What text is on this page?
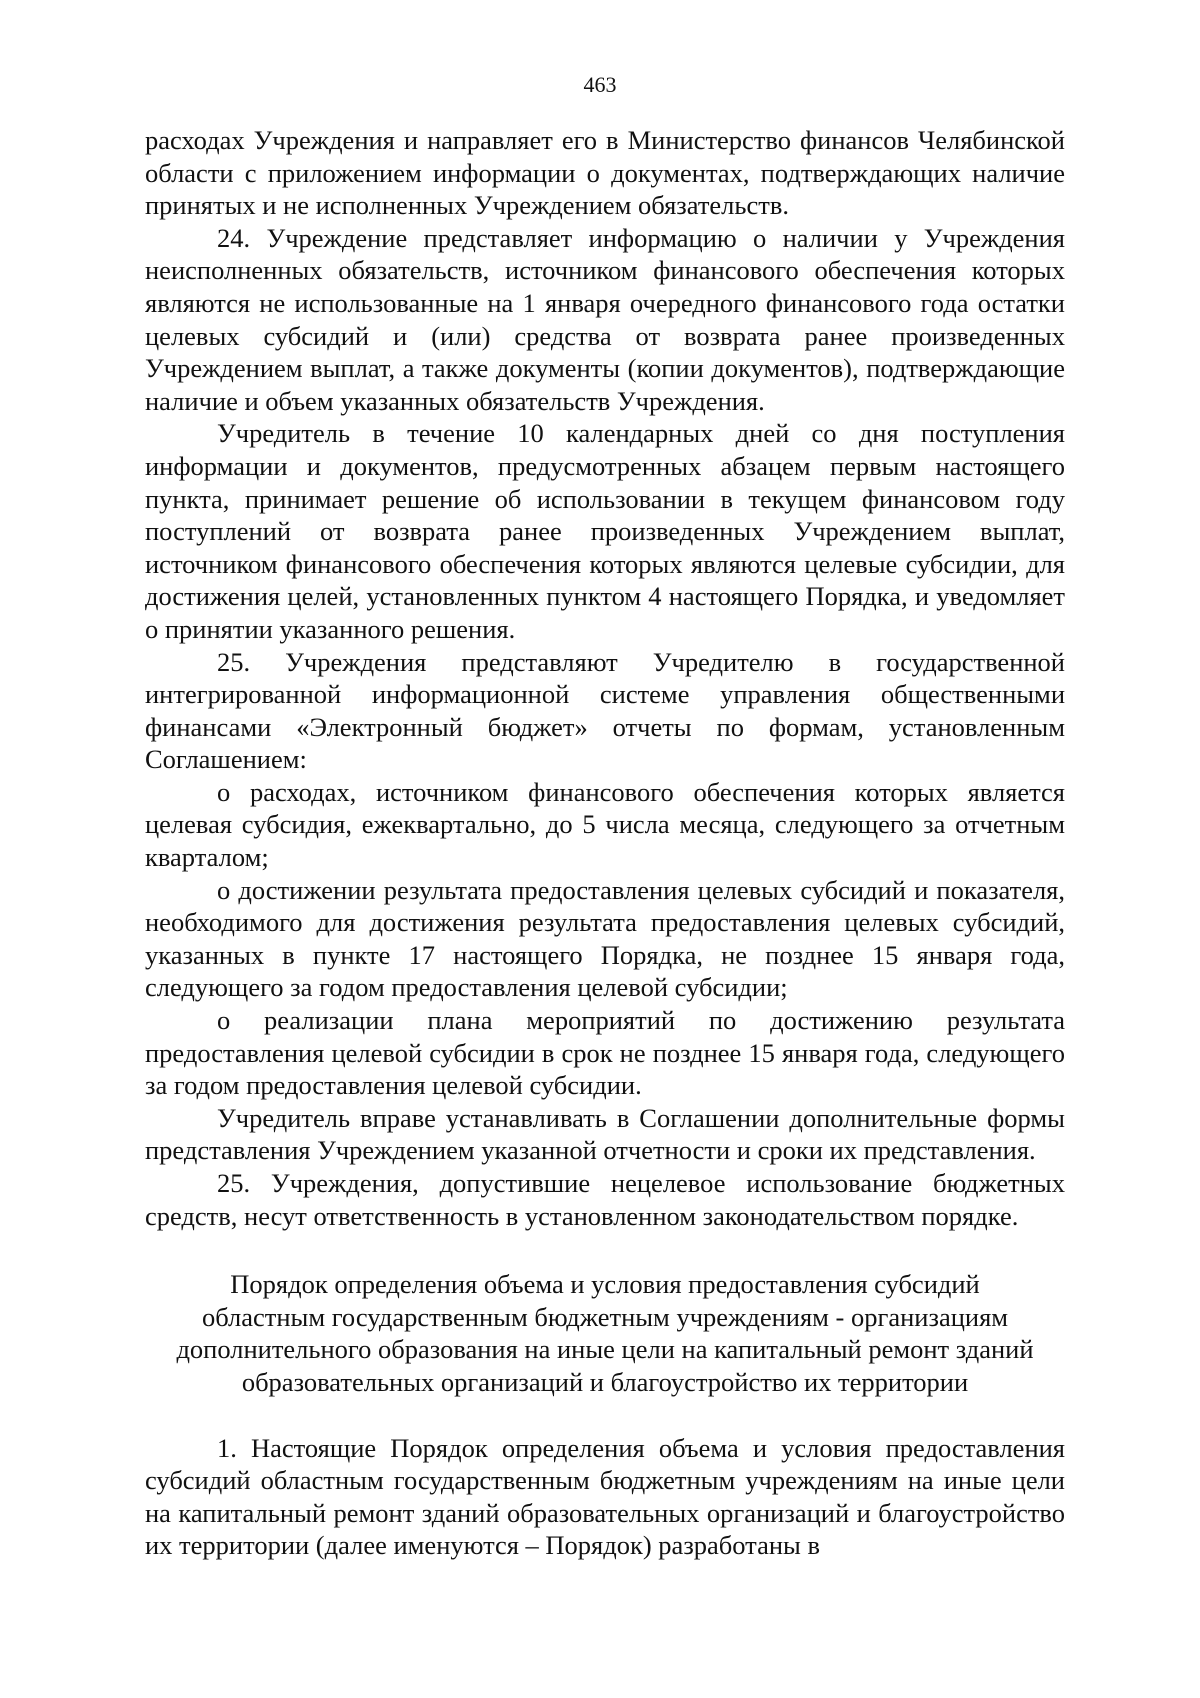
463

расходах Учреждения и направляет его в Министерство финансов Челябинской области с приложением информации о документах, подтверждающих наличие принятых и не исполненных Учреждением обязательств.

24. Учреждение представляет информацию о наличии у Учреждения неисполненных обязательств, источником финансового обеспечения которых являются не использованные на 1 января очередного финансового года остатки целевых субсидий и (или) средства от возврата ранее произведенных Учреждением выплат, а также документы (копии документов), подтверждающие наличие и объем указанных обязательств Учреждения.

Учредитель в течение 10 календарных дней со дня поступления информации и документов, предусмотренных абзацем первым настоящего пункта, принимает решение об использовании в текущем финансовом году поступлений от возврата ранее произведенных Учреждением выплат, источником финансового обеспечения которых являются целевые субсидии, для достижения целей, установленных пунктом 4 настоящего Порядка, и уведомляет о принятии указанного решения.

25. Учреждения представляют Учредителю в государственной интегрированной информационной системе управления общественными финансами «Электронный бюджет» отчеты по формам, установленным Соглашением:

о расходах, источником финансового обеспечения которых является целевая субсидия, ежеквартально, до 5 числа месяца, следующего за отчетным кварталом;

о достижении результата предоставления целевых субсидий и показателя, необходимого для достижения результата предоставления целевых субсидий, указанных в пункте 17 настоящего Порядка, не позднее 15 января года, следующего за годом предоставления целевой субсидии;

о реализации плана мероприятий по достижению результата предоставления целевой субсидии в срок не позднее 15 января года, следующего за годом предоставления целевой субсидии.

Учредитель вправе устанавливать в Соглашении дополнительные формы представления Учреждением указанной отчетности и сроки их представления.

25. Учреждения, допустившие нецелевое использование бюджетных средств, несут ответственность в установленном законодательством порядке.

Порядок определения объема и условия предоставления субсидий
областным государственным бюджетным учреждениям - организациям
дополнительного образования на иные цели на капитальный ремонт зданий
образовательных организаций и благоустройство их территории

1. Настоящие Порядок определения объема и условия предоставления субсидий областным государственным бюджетным учреждениям на иные цели на капитальный ремонт зданий образовательных организаций и благоустройство их территории (далее именуются – Порядок) разработаны в
